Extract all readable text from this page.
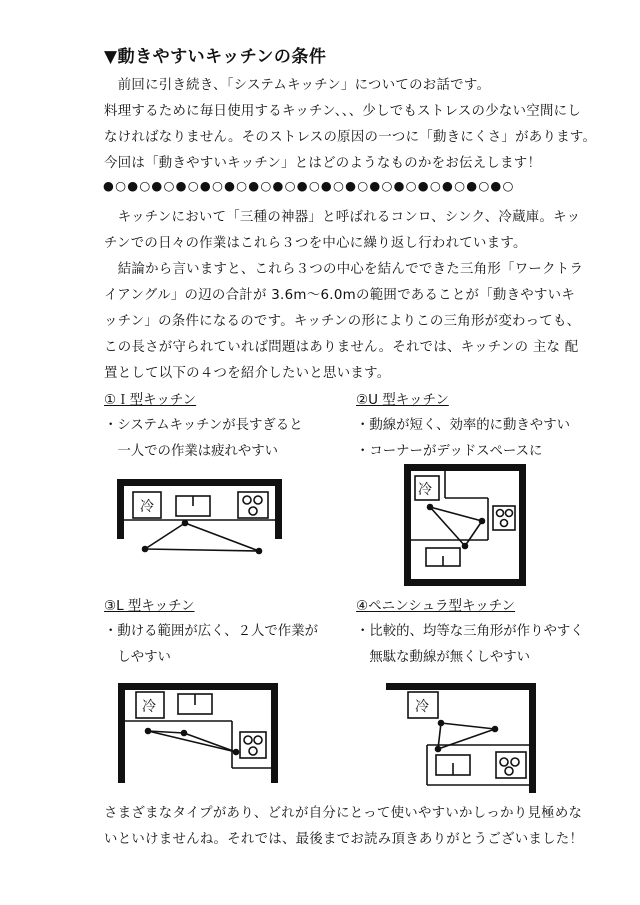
▼動きやすいキッチンの条件
　前回に引き続き、「システムキッチン」についてのお話です。
料理するために毎日使用するキッチン、、、少しでもストレスの少ない空間にし
なければなりません。そのストレスの原因の一つに「動きにくさ」があります。
今回は「動きやすいキッチン」とはどのようなものかをお伝えします！
●○●○●○●○●○●○●○●○●○●○●○●○●○●○●○●○●○
　キッチンにおいて「三種の神器」と呼ばれるコンロ、シンク、冷蔵庫。キッ
チンでの日々の作業はこれら３つを中心に繰り返し行われています。
　結論から言いますと、これら３つの中心を結んでできた三角形「ワークトラ
イアングル」の辺の合計が 3.6m～6.0mの範囲であることが「動きやすいキ
ッチン」の条件になるのです。キッチンの形によりこの三角形が変わっても、
この長さが守られていれば問題はありません。それでは、キッチンの 主な 配
置として以下の４つを紹介したいと思います。
①Ｉ型キッチン
・システムキッチンが長すぎると
　一人での作業は疲れやすい
②U 型キッチン
・動線が短く、効率的に動きやすい
・コーナーがデッドスペースに
③L 型キッチン
・動ける範囲が広く、２人で作業が
　しやすい
④ペニンシュラ型キッチン
・比較的、均等な三角形が作りやすく
　無駄な動線が無くしやすい
冷
冷
冷	冷
さまざまなタイプがあり、どれが自分にとって使いやすいかしっかり見極めな
いといけませんね。それでは、最後までお読み頂きありがとうございました！
